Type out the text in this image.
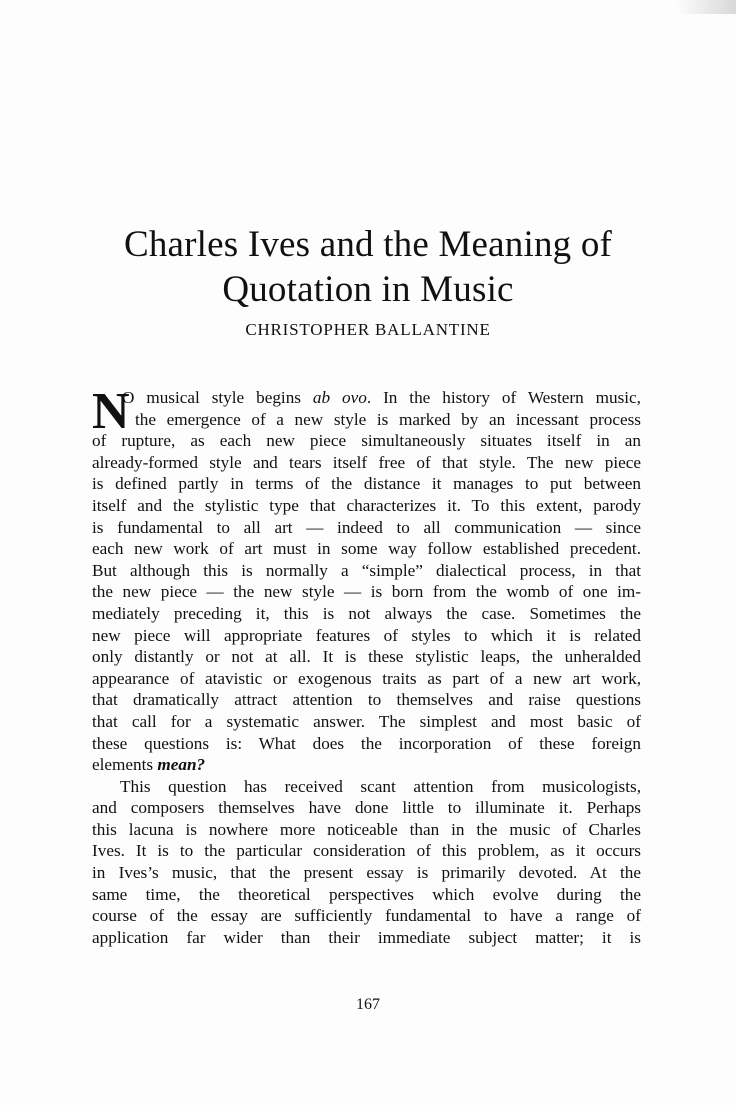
Charles Ives and the Meaning of
Quotation in Music

CHRISTOPHER BALLANTINE

N
O musical style begins ab ovo. In the history of Western music,
the emergence of a new style is marked by an incessant process
of rupture, as each new piece simultaneously situates itself in an
already-formed style and tears itself free of that style. The new piece
is defined partly in terms of the distance it manages to put between
itself and the stylistic type that characterizes it. To this extent, parody
is fundamental to all art — indeed to all communication — since
each new work of art must in some way follow established precedent.
But although this is normally a “simple” dialectical process, in that
the new piece — the new style — is born from the womb of one im-
mediately preceding it, this is not always the case. Sometimes the
new piece will appropriate features of styles to which it is related
only distantly or not at all. It is these stylistic leaps, the unheralded
appearance of atavistic or exogenous traits as part of a new art work,
that dramatically attract attention to themselves and raise questions
that call for a systematic answer. The simplest and most basic of
these questions is: What does the incorporation of these foreign
elements mean?
This question has received scant attention from musicologists,
and composers themselves have done little to illuminate it. Perhaps
this lacuna is nowhere more noticeable than in the music of Charles
Ives. It is to the particular consideration of this problem, as it occurs
in Ives’s music, that the present essay is primarily devoted. At the
same time, the theoretical perspectives which evolve during the
course of the essay are sufficiently fundamental to have a range of
application far wider than their immediate subject matter; it is
167
